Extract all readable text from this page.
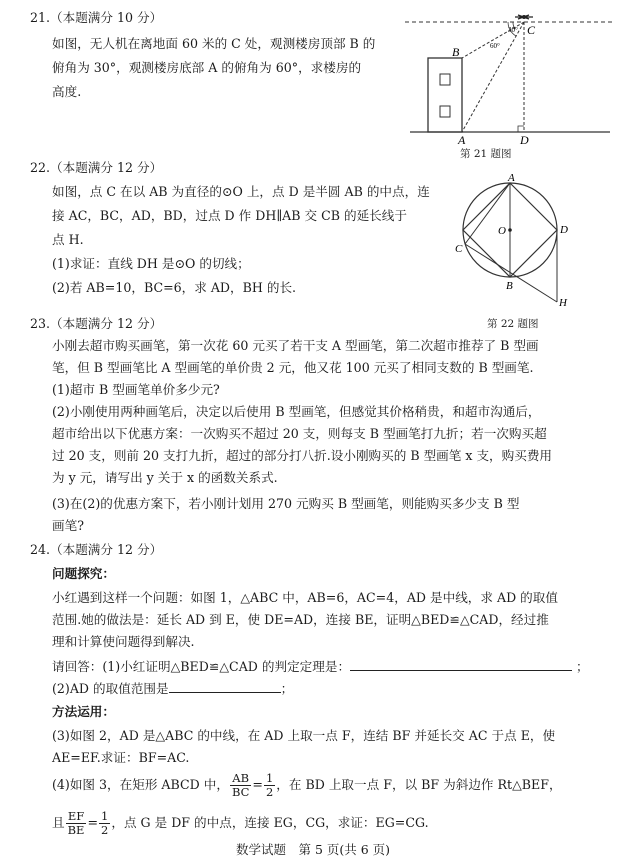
21.（本题满分 10 分）
如图，无人机在离地面 60 米的 C 处，观测楼房顶部 B 的
俯角为 30°，观测楼房底部 A 的俯角为 60°，求楼房的
高度.
C
B
A	D
30°
60°
第 21 题图
22.（本题满分 12 分）
如图，点 C 在以 AB 为直径的⊙O 上，点 D 是半圆 AB 的中点，连
接 AC，BC，AD，BD，过点 D 作 DH∥AB 交 CB 的延长线于
点 H.
(1)求证：直线 DH 是⊙O 的切线；
(2)若 AB=10，BC=6，求 AD，BH 的长.
A
O	D
C
B
H
第 22 题图
23.（本题满分 12 分）
小刚去超市购买画笔，第一次花 60 元买了若干支 A 型画笔，第二次超市推荐了 B 型画
笔，但 B 型画笔比 A 型画笔的单价贵 2 元，他又花 100 元买了相同支数的 B 型画笔.
(1)超市 B 型画笔单价多少元?
(2)小刚使用两种画笔后，决定以后使用 B 型画笔，但感觉其价格稍贵，和超市沟通后，
超市给出以下优惠方案：一次购买不超过 20 支，则每支 B 型画笔打九折；若一次购买超
过 20 支，则前 20 支打九折，超过的部分打八折.设小刚购买的 B 型画笔 x 支，购买费用
为 y 元，请写出 y 关于 x 的函数关系式.
(3)在(2)的优惠方案下，若小刚计划用 270 元购买 B 型画笔，则能购买多少支 B 型
画笔?
24.（本题满分 12 分）
问题探究：
小红遇到这样一个问题：如图 1，△ABC 中，AB=6，AC=4，AD 是中线，求 AD 的取值
范围.她的做法是：延长 AD 到 E，使 DE=AD，连接 BE，证明△BED≌△CAD，经过推
理和计算使问题得到解决.
请回答：(1)小红证明△BED≌△CAD 的判定定理是：	；
(2)AD 的取值范围是	；
方法运用：
(3)如图 2，AD 是△ABC 的中线，在 AD 上取一点 F，连结 BF 并延长交 AC 于点 E，使
AE=EF.求证：BF=AC.
(4)如图 3，在矩形 ABCD 中， $\frac{AB}{BC} = \frac{1}{2}$ ，在 BD 上取一点 F，以 BF 为斜边作 Rt△BEF，
且 $\frac{EF}{BE} = \frac{1}{2}$ ，点 G 是 DF 的中点，连接 EG，CG，求证：EG=CG.
数学试题　第 5 页(共 6 页)
